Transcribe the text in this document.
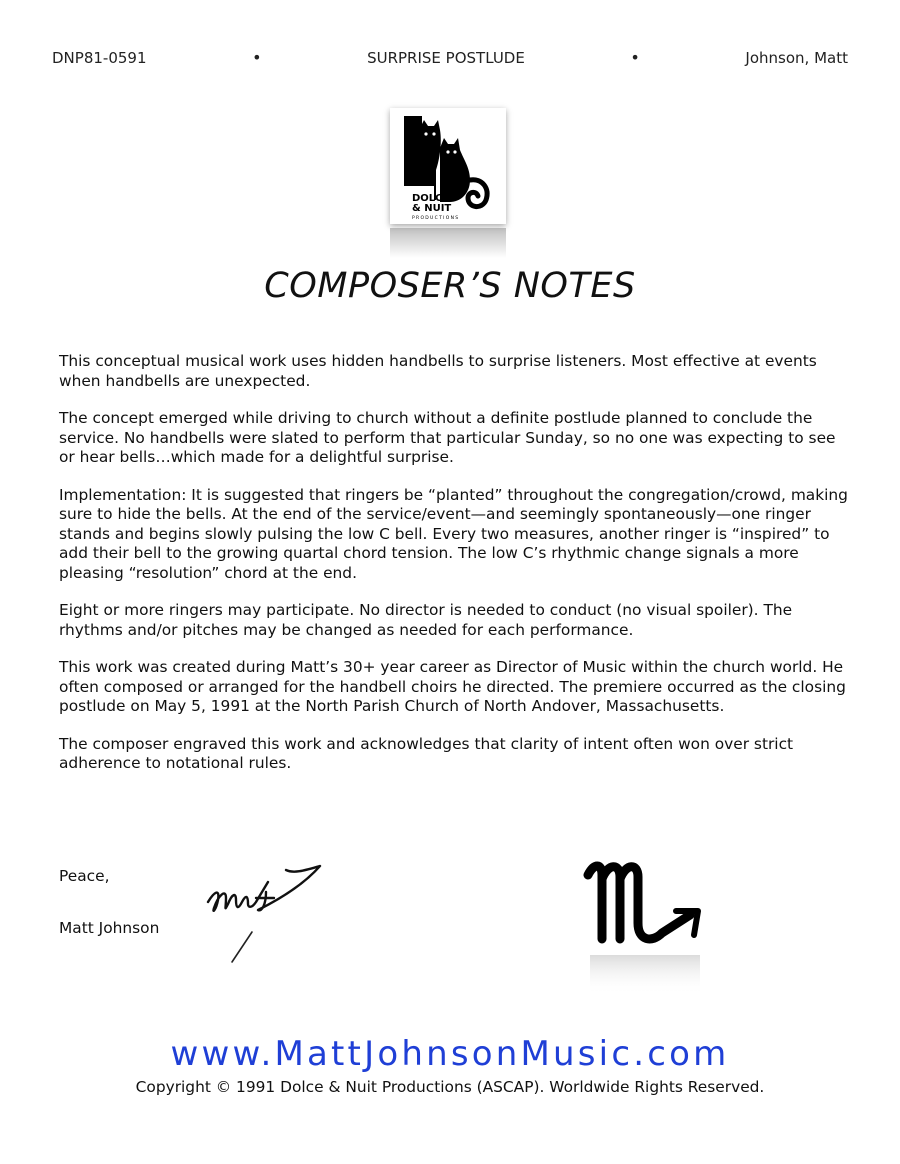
DNP81-0591	•	SURPRISE POSTLUDE	•	Johnson, Matt
DOLCE
& NUIT
PRODUCTIONS
COMPOSER’S NOTES

This conceptual musical work uses hidden handbells to surprise listeners. Most effective at events when handbells are unexpected.

The concept emerged while driving to church without a definite postlude planned to conclude the service. No handbells were slated to perform that particular Sunday, so no one was expecting to see or hear bells…which made for a delightful surprise.

Implementation: It is suggested that ringers be “planted” throughout the congregation/crowd, making sure to hide the bells. At the end of the service/event—and seemingly spontaneously—one ringer stands and begins slowly pulsing the low C bell. Every two measures, another ringer is “inspired” to add their bell to the growing quartal chord tension. The low C’s rhythmic change signals a more pleasing “resolution” chord at the end.

Eight or more ringers may participate. No director is needed to conduct (no visual spoiler). The rhythms and/or pitches may be changed as needed for each performance.

This work was created during Matt’s 30+ year career as Director of Music within the church world. He often composed or arranged for the handbell choirs he directed. The premiere occurred as the closing postlude on May 5, 1991 at the North Parish Church of North Andover, Massachusetts.

The composer engraved this work and acknowledges that clarity of intent often won over strict adherence to notational rules.

Peace,
Matt Johnson
www.MattJohnsonMusic.com
Copyright © 1991 Dolce & Nuit Productions (ASCAP). Worldwide Rights Reserved.
